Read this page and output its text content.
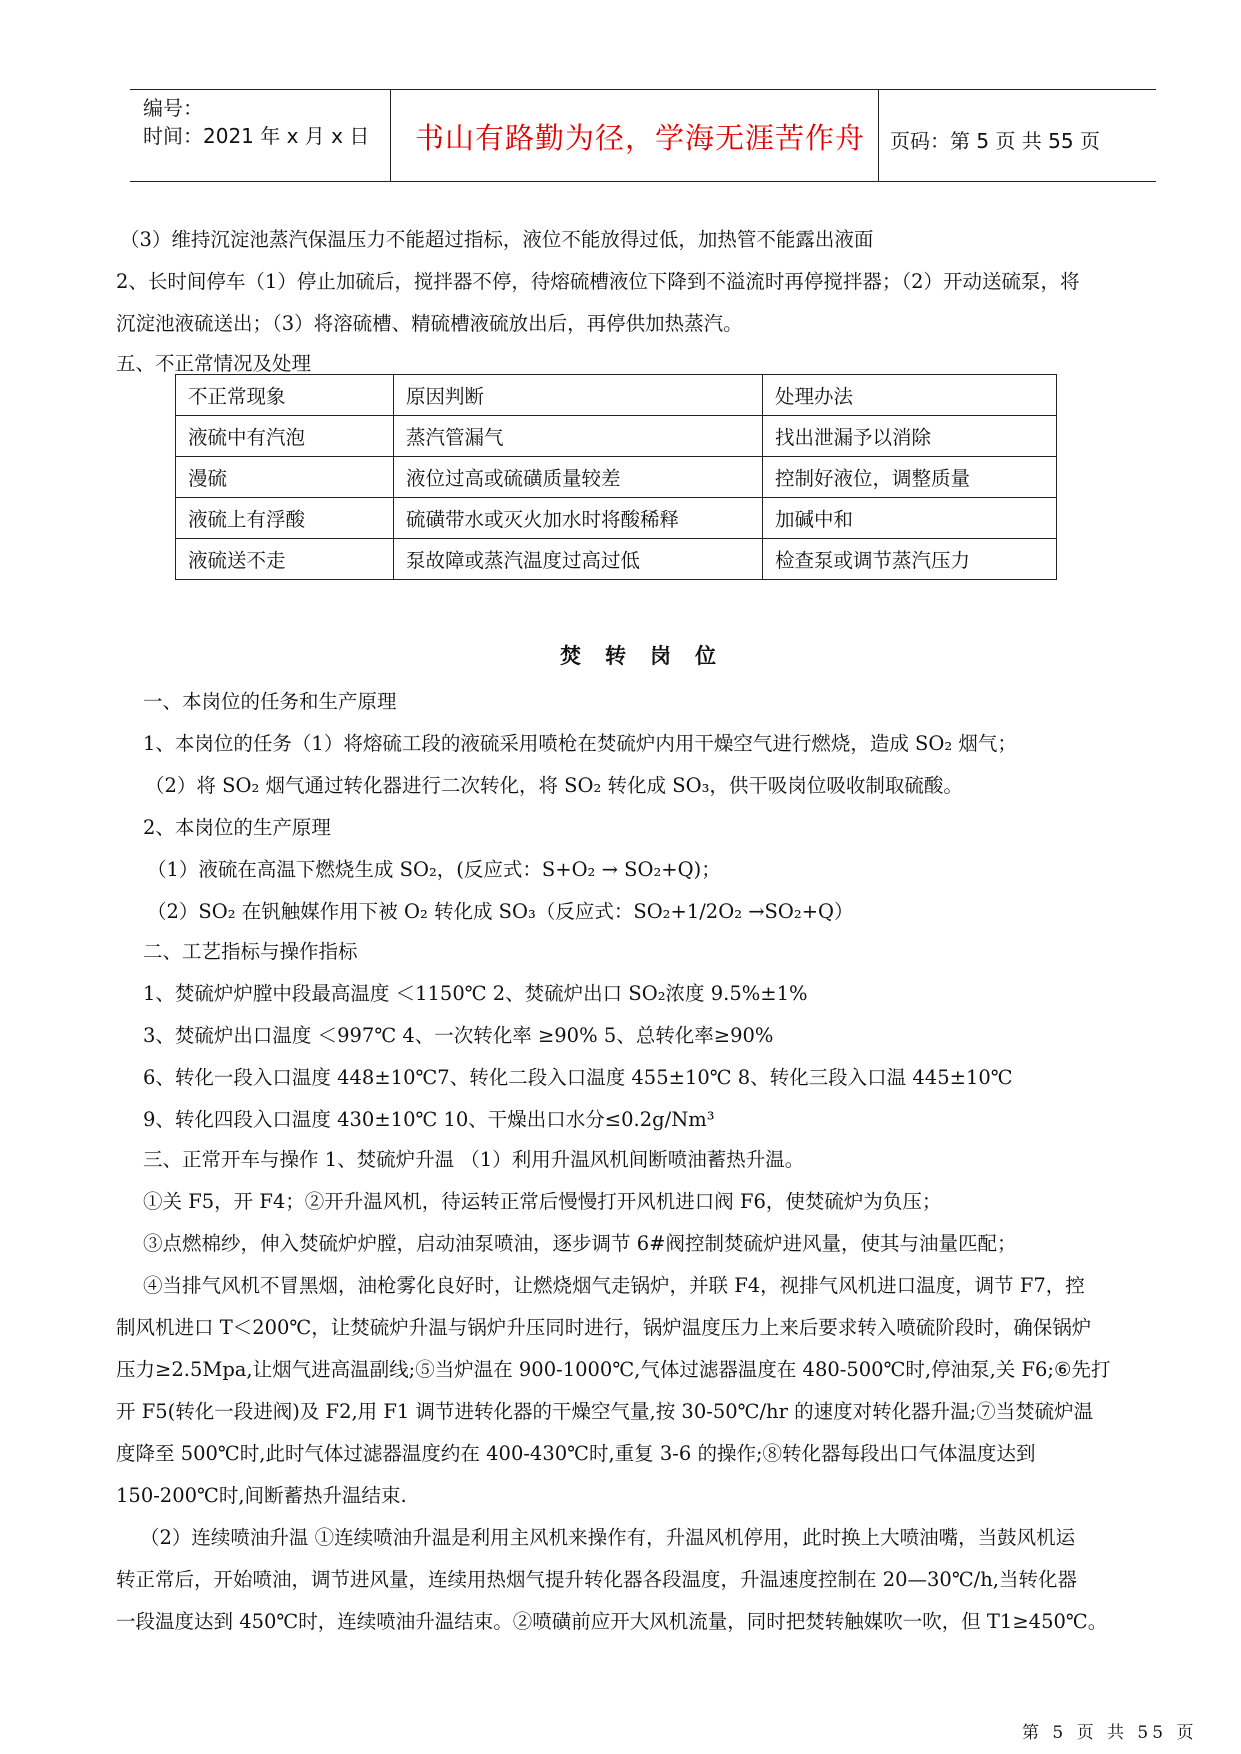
编号：
时间：2021 年 x 月 x 日 书山有路勤为径，学海无涯苦作舟 页码：第 5 页 共 55 页
（3）维持沉淀池蒸汽保温压力不能超过指标，液位不能放得过低，加热管不能露出液面
2、长时间停车（1）停止加硫后，搅拌器不停，待熔硫槽液位下降到不溢流时再停搅拌器；（2）开动送硫泵，将
沉淀池液硫送出；（3）将溶硫槽、精硫槽液硫放出后，再停供加热蒸汽。
五、不正常情况及处理
不正常现象	原因判断	处理办法
液硫中有汽泡	蒸汽管漏气	找出泄漏予以消除
漫硫	液位过高或硫磺质量较差	控制好液位，调整质量
液硫上有浮酸	硫磺带水或灭火加水时将酸稀释	加碱中和
液硫送不走	泵故障或蒸汽温度过高过低	检查泵或调节蒸汽压力
焚转岗位
一、本岗位的任务和生产原理
1、本岗位的任务（1）将熔硫工段的液硫采用喷枪在焚硫炉内用干燥空气进行燃烧，造成 SO₂ 烟气；
（2）将 SO₂ 烟气通过转化器进行二次转化，将 SO₂ 转化成 SO₃，供干吸岗位吸收制取硫酸。
2、本岗位的生产原理
（1）液硫在高温下燃烧生成 SO₂，(反应式：S+O₂ → SO₂+Q)；
（2）SO₂ 在钒触媒作用下被 O₂ 转化成 SO₃（反应式：SO₂+1/2O₂ →SO₂+Q）
二、工艺指标与操作指标
1、焚硫炉炉膛中段最高温度 ＜1150℃ 2、焚硫炉出口 SO₂浓度 9.5%±1%
3、焚硫炉出口温度 ＜997℃ 4、一次转化率 ≥90% 5、总转化率≥90%
6、转化一段入口温度 448±10℃7、转化二段入口温度 455±10℃ 8、转化三段入口温 445±10℃
9、转化四段入口温度 430±10℃ 10、干燥出口水分≤0.2g/Nm³
三、正常开车与操作 1、焚硫炉升温 （1）利用升温风机间断喷油蓄热升温。
①关 F5，开 F4；②开升温风机，待运转正常后慢慢打开风机进口阀 F6，使焚硫炉为负压；
③点燃棉纱，伸入焚硫炉炉膛，启动油泵喷油，逐步调节 6#阀控制焚硫炉进风量，使其与油量匹配；
④当排气风机不冒黑烟，油枪雾化良好时，让燃烧烟气走锅炉，并联 F4，视排气风机进口温度，调节 F7，控
制风机进口 T＜200℃，让焚硫炉升温与锅炉升压同时进行，锅炉温度压力上来后要求转入喷硫阶段时，确保锅炉
压力≥2.5Mpa,让烟气进高温副线;⑤当炉温在 900-1000℃,气体过滤器温度在 480-500℃时,停油泵,关 F6;⑥先打
开 F5(转化一段进阀)及 F2,用 F1 调节进转化器的干燥空气量,按 30-50℃/hr 的速度对转化器升温;⑦当焚硫炉温
度降至 500℃时,此时气体过滤器温度约在 400-430℃时,重复 3-6 的操作;⑧转化器每段出口气体温度达到
150-200℃时,间断蓄热升温结束.
（2）连续喷油升温 ①连续喷油升温是利用主风机来操作有，升温风机停用，此时换上大喷油嘴，当鼓风机运
转正常后，开始喷油，调节进风量，连续用热烟气提升转化器各段温度，升温速度控制在 20—30℃/h,当转化器
一段温度达到 450℃时，连续喷油升温结束。②喷磺前应开大风机流量，同时把焚转触媒吹一吹，但 T1≥450℃。
第 5 页 共 55 页
